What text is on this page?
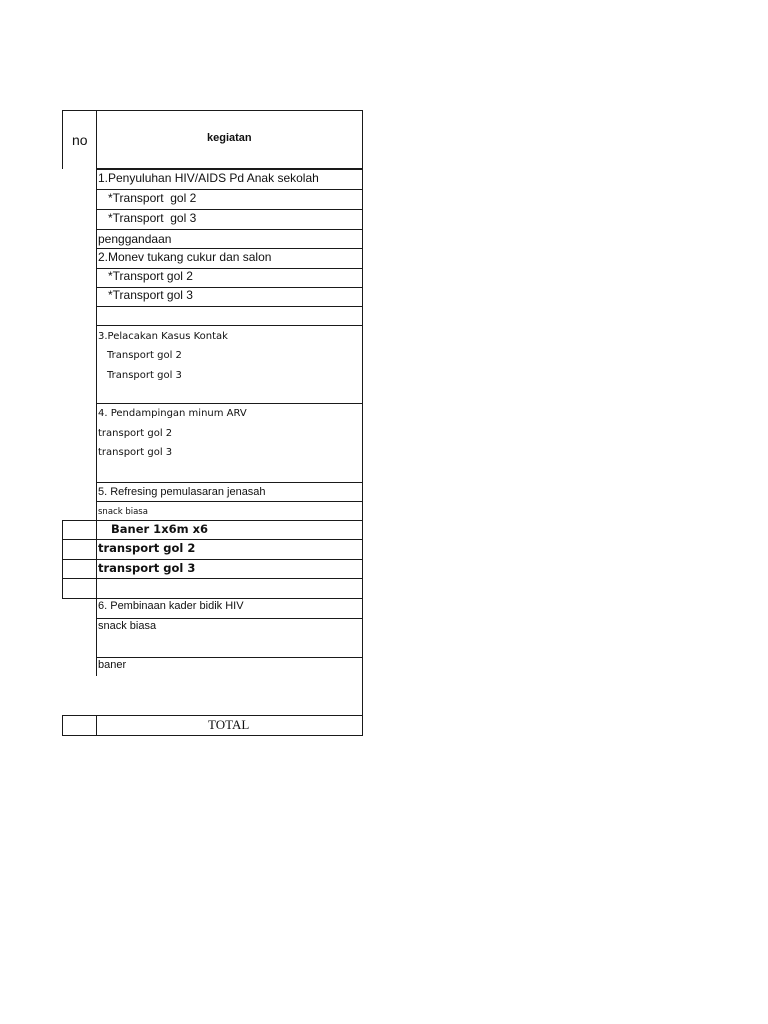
no	kegiatan
1.Penyuluhan HIV/AIDS Pd Anak sekolah
*Transport  gol 2
*Transport  gol 3
penggandaan
2.Monev tukang cukur dan salon
*Transport gol 2
*Transport gol 3
3.Pelacakan Kasus Kontak
Transport gol 2
Transport gol 3
4. Pendampingan minum ARV
transport gol 2
transport gol 3
5. Refresing pemulasaran jenasah
snack biasa
Baner 1x6m x6
transport gol 2
transport gol 3
6. Pembinaan kader bidik HIV
snack biasa
baner
TOTAL
